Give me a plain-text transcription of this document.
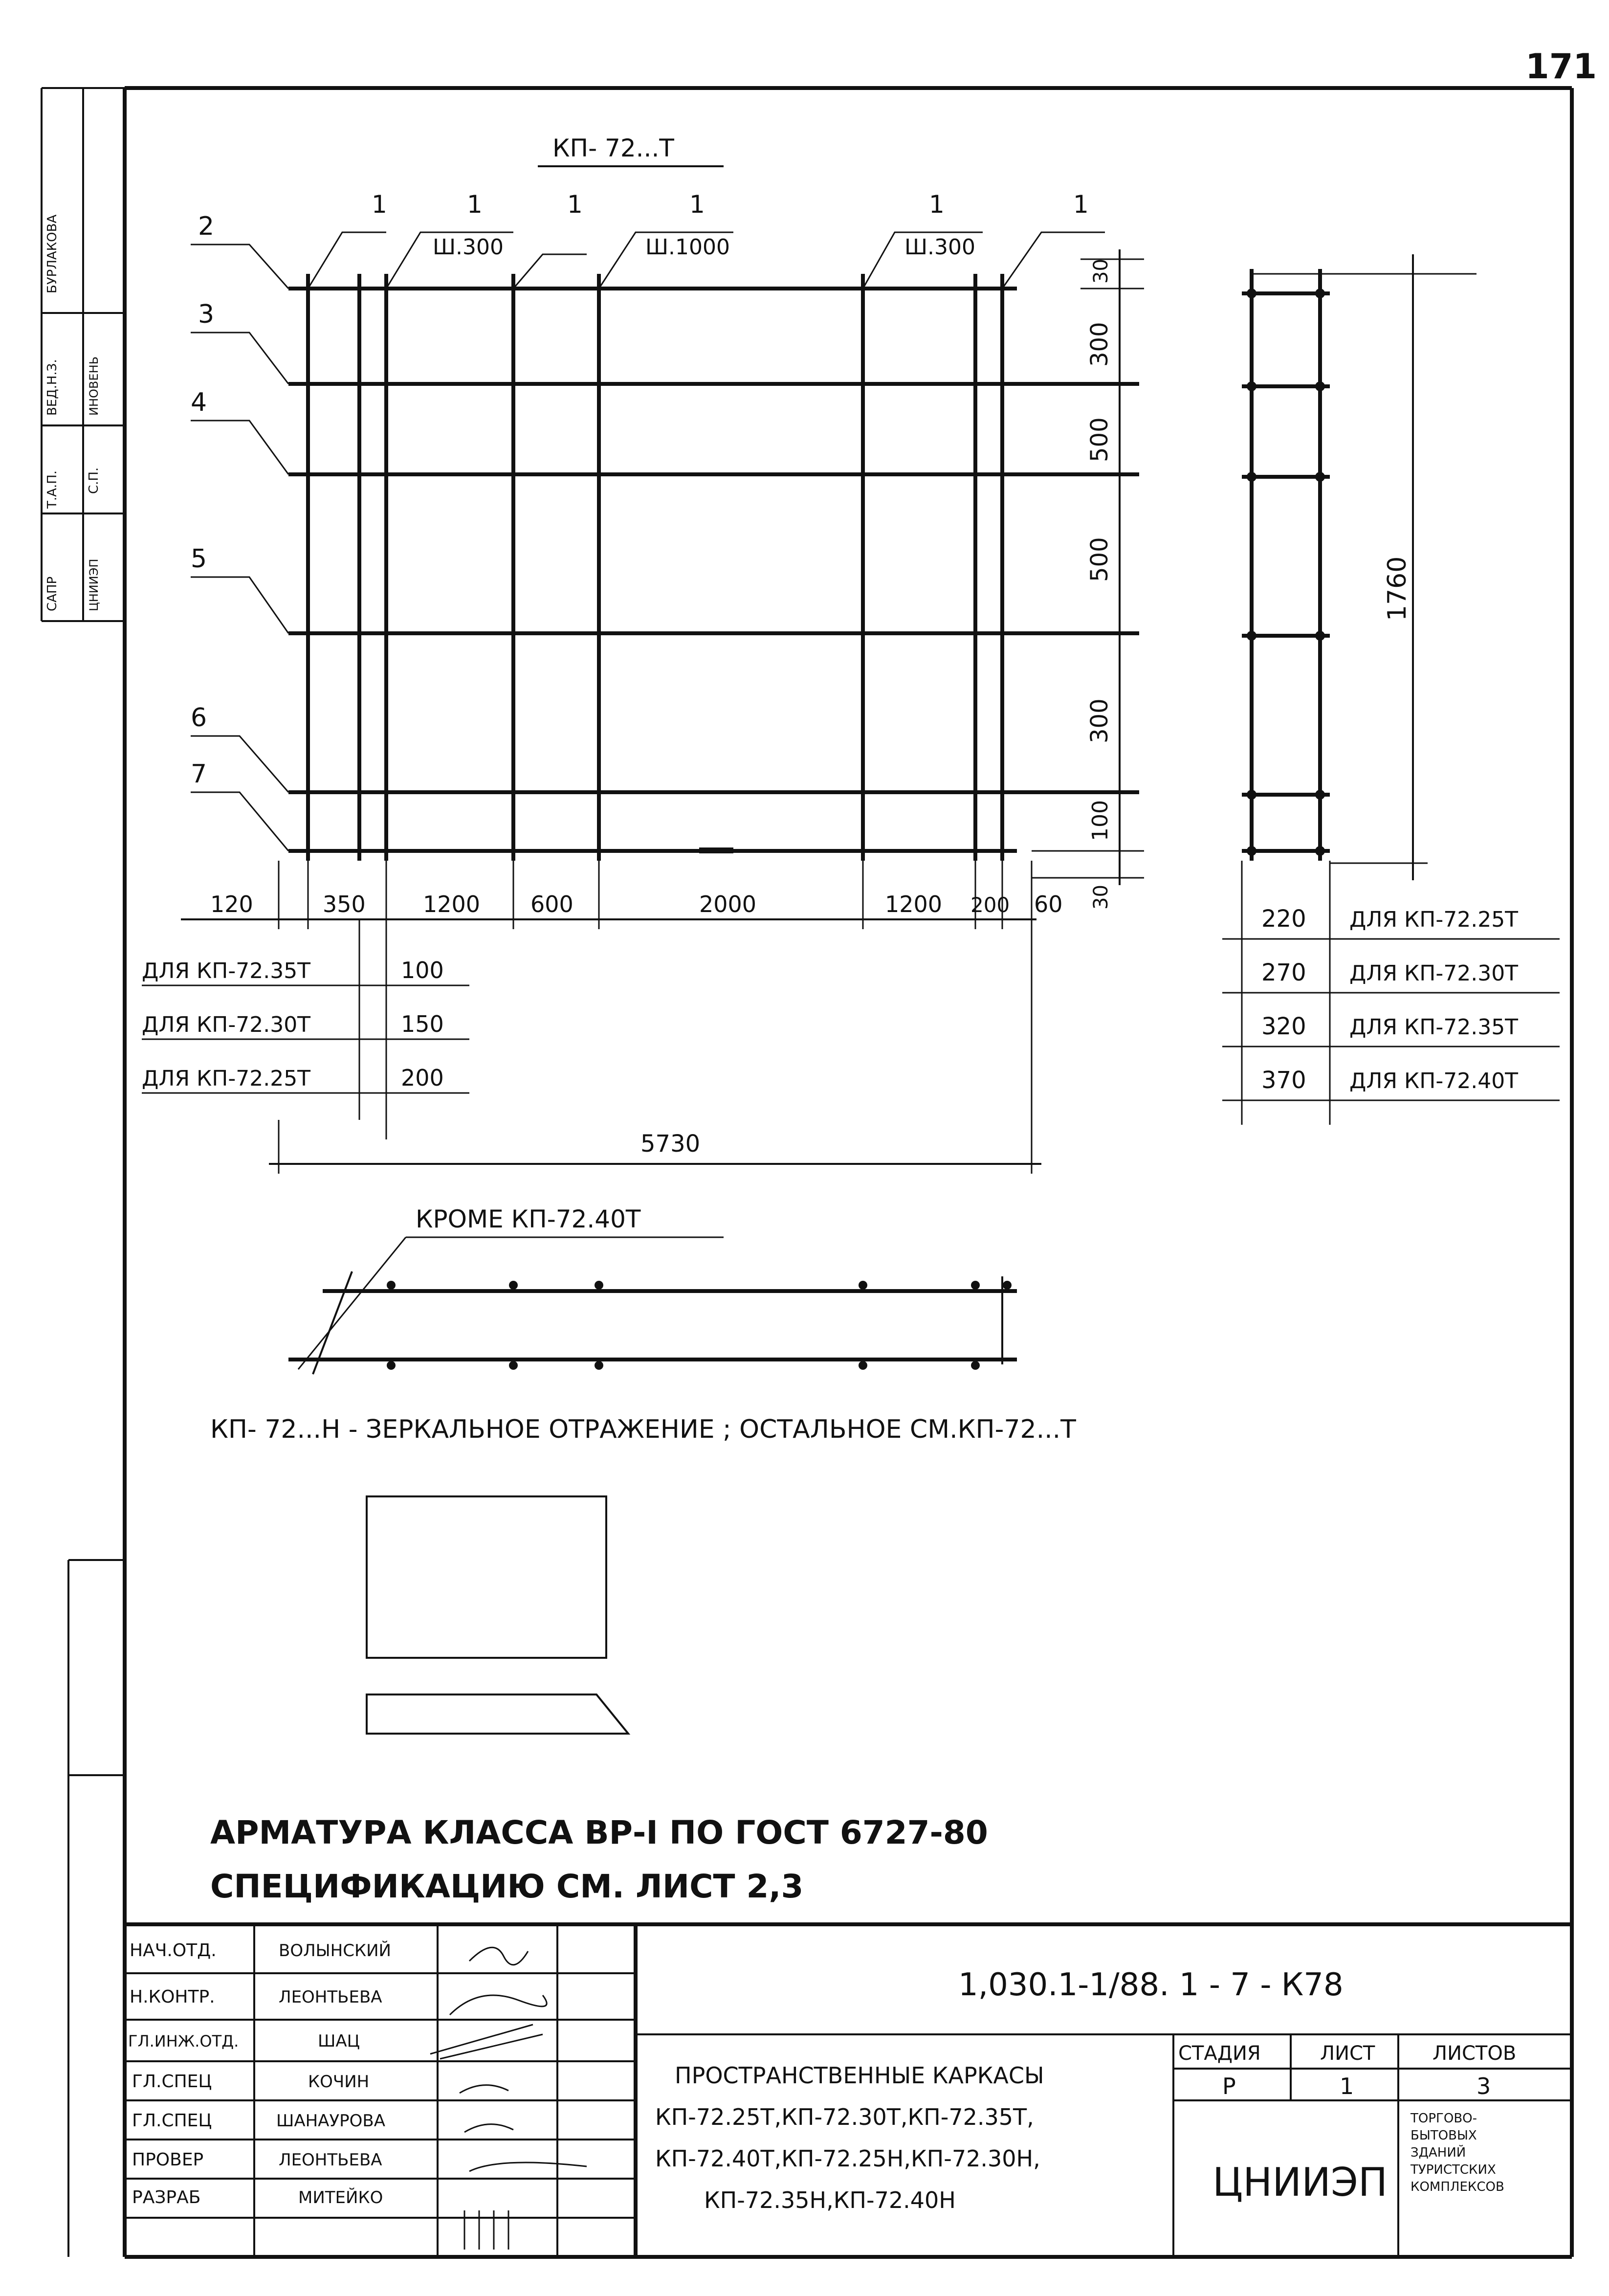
171
БУРЛАКОВА
ВЕД.Н.З. ИНОВЕНЬ
Т.А.П. С.П.
САПР ЦНИИЭП
КП- 72...Т
1	1	1	1	1	1
Ш.300	Ш.1000	Ш.300
2
3
4
5
6
7
30
300
500
500
300
100
30
120	350	1200 600	2000	1200 200 60
ДЛЯ КП-72.35Т	100
ДЛЯ КП-72.30Т	150
ДЛЯ КП-72.25Т	200
5730
1760
220 ДЛЯ КП-72.25Т
270 ДЛЯ КП-72.30Т
320 ДЛЯ КП-72.35Т
370 ДЛЯ КП-72.40Т
КРОМЕ КП-72.40Т
КП- 72...Н - ЗЕРКАЛЬНОЕ ОТРАЖЕНИЕ ; ОСТАЛЬНОЕ СМ.КП-72...Т
АРМАТУРА КЛАССА ВР-I ПО ГОСТ 6727-80
СПЕЦИФИКАЦИЮ СМ. ЛИСТ 2,3
НАЧ.ОТД.	ВОЛЫНСКИЙ
Н.КОНТР.	ЛЕОНТЬЕВА
ГЛ.ИНЖ.ОТД.	ШАЦ
ГЛ.СПЕЦ	КОЧИН
ГЛ.СПЕЦ	ШАНАУРОВА
ПРОВЕР	ЛЕОНТЬЕВА
РАЗРАБ	МИТЕЙКО
1,030.1-1/88. 1 - 7 - К78
ПРОСТРАНСТВЕННЫЕ КАРКАСЫ
КП-72.25Т,КП-72.30Т,КП-72.35Т,
КП-72.40Т,КП-72.25Н,КП-72.30Н,
КП-72.35Н,КП-72.40Н
СТАДИЯ	ЛИСТ	ЛИСТОВ
Р	1	3
ЦНИИЭП
ТОРГОВО-
БЫТОВЫХ
ЗДАНИЙ
ТУРИСТСКИХ
КОМПЛЕКСОВ
